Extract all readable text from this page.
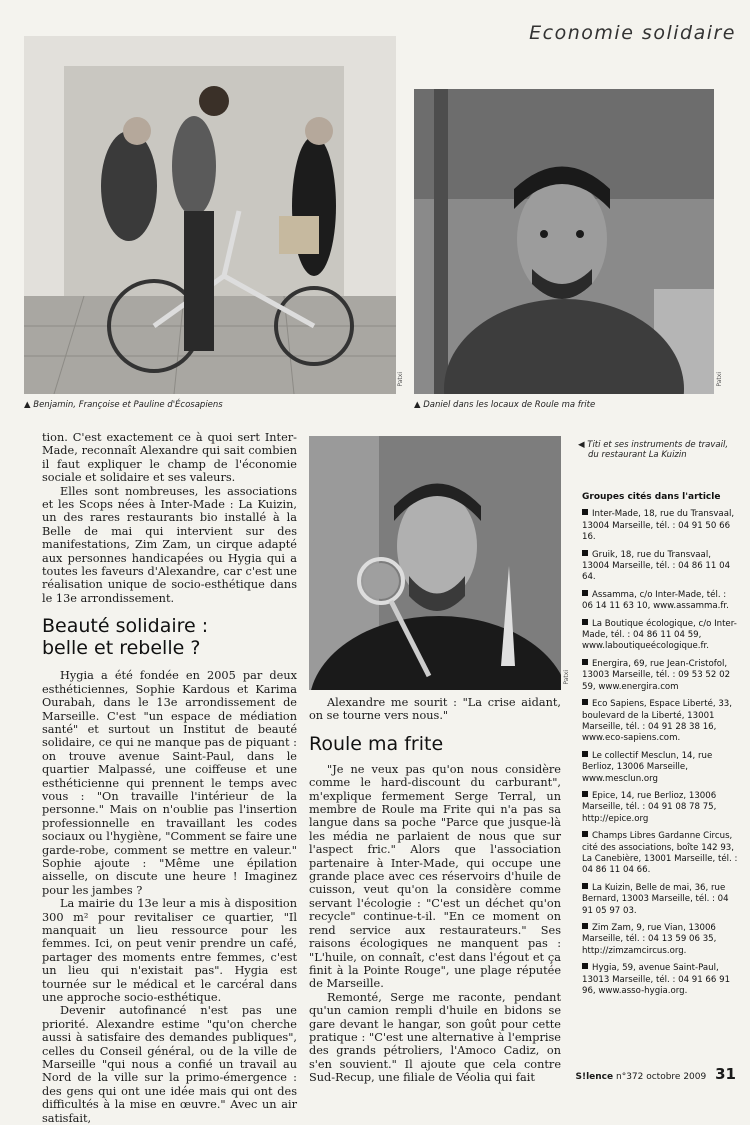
Economie solidaire
Patxi
▲ Benjamin, Françoise et Pauline d'Écosapiens
Patxi
▲ Daniel dans les locaux de Roule ma frite

tion. C'est exactement ce à quoi sert Inter-Made, reconnaît Alexandre qui sait combien il faut expliquer le champ de l'économie sociale et solidaire et ses valeurs.

Elles sont nombreuses, les associations et les Scops nées à Inter-Made : La Kuizin, un des rares restaurants bio installé à la Belle de mai qui intervient sur des manifestations, Zim Zam, un cirque adapté aux personnes handicapées ou Hygia qui a toutes les faveurs d'Alexandre, car c'est une réalisation unique de socio-esthétique dans le 13e arrondissement.

Beauté solidaire :
belle et rebelle ?

Hygia a été fondée en 2005 par deux esthéticiennes, Sophie Kardous et Karima Ourabah, dans le 13e arrondissement de Marseille. C'est "un espace de médiation santé" et surtout un Institut de beauté solidaire, ce qui ne manque pas de piquant : on trouve avenue Saint-Paul, dans le quartier Malpassé, une coiffeuse et une esthéticienne qui prennent le temps avec vous : "On travaille l'intérieur de la personne." Mais on n'oublie pas l'insertion professionnelle en travaillant les codes sociaux ou l'hygiène, "Comment se faire une garde-robe, comment se mettre en valeur." Sophie ajoute : "Même une épilation aisselle, on discute une heure ! Imaginez pour les jambes ?

La mairie du 13e leur a mis à disposition 300 m² pour revitaliser ce quartier, "Il manquait un lieu ressource pour les femmes. Ici, on peut venir prendre un café, partager des moments entre femmes, c'est un lieu qui n'existait pas". Hygia est tournée sur le médical et le carcéral dans une approche socio-esthétique.

Devenir autofinancé n'est pas une priorité. Alexandre estime "qu'on cherche aussi à satisfaire des demandes publiques", celles du Conseil général, ou de la ville de Marseille "qui nous a confié un travail au Nord de la ville sur la primo-émergence : des gens qui ont une idée mais qui ont des difficultés à la mise en œuvre." Avec un air satisfait,

Patxi
◀ Titi et ses instruments de travail,
du restaurant La Kuizin

Alexandre me sourit : "La crise aidant, on se tourne vers nous."

Roule ma frite

"Je ne veux pas qu'on nous considère comme le hard-discount du carburant", m'explique fermement Serge Terral, un membre de Roule ma Frite qui n'a pas sa langue dans sa poche "Parce que jusque-là les média ne parlaient de nous que sur l'aspect fric." Alors que l'association partenaire à Inter-Made, qui occupe une grande place avec ces réservoirs d'huile de cuisson, veut qu'on la considère comme servant l'écologie : "C'est un déchet qu'on recycle" continue-t-il. "En ce moment on rend service aux restaurateurs." Ses raisons écologiques ne manquent pas : "L'huile, on connaît, c'est dans l'égout et ça finit à la Pointe Rouge", une plage réputée de Marseille.

Remonté, Serge me raconte, pendant qu'un camion rempli d'huile en bidons se gare devant le hangar, son goût pour cette pratique : "C'est une alternative à l'emprise des grands pétroliers, l'Amoco Cadiz, on s'en souvient." Il ajoute que cela contre Sud-Recup, une filiale de Véolia qui fait

Groupes cités dans l'article
Inter-Made, 18, rue du Transvaal, 13004 Marseille, tél. : 04 91 50 66 16.
Gruik, 18, rue du Transvaal, 13004 Marseille, tél. : 04 86 11 04 64.
Assamma, c/o Inter-Made, tél. : 06 14 11 63 10, www.assamma.fr.
La Boutique écologique, c/o Inter-Made, tél. : 04 86 11 04 59, www.laboutiqueécologique.fr.
Energira, 69, rue Jean-Cristofol, 13003 Marseille, tél. : 09 53 52 02 59, www.energira.com
Eco Sapiens, Espace Liberté, 33, boulevard de la Liberté, 13001 Marseille, tél. : 04 91 28 38 16, www.eco-sapiens.com.
Le collectif Mesclun, 14, rue Berlioz, 13006 Marseille, www.mesclun.org
Epice, 14, rue Berlioz, 13006 Marseille, tél. : 04 91 08 78 75, http://epice.org
Champs Libres Gardanne Circus, cité des associations, boîte 142 93, La Canebière, 13001 Marseille, tél. : 04 86 11 04 66.
La Kuizin, Belle de mai, 36, rue Bernard, 13003 Marseille, tél. : 04 91 05 97 03.
Zim Zam, 9, rue Vian, 13006 Marseille, tél. : 04 13 59 06 35, http://zimzamcircus.org.
Hygia, 59, avenue Saint-Paul, 13013 Marseille, tél. : 04 91 66 91 96, www.asso-hygia.org.
S!lence n°372 octobre 2009 31
